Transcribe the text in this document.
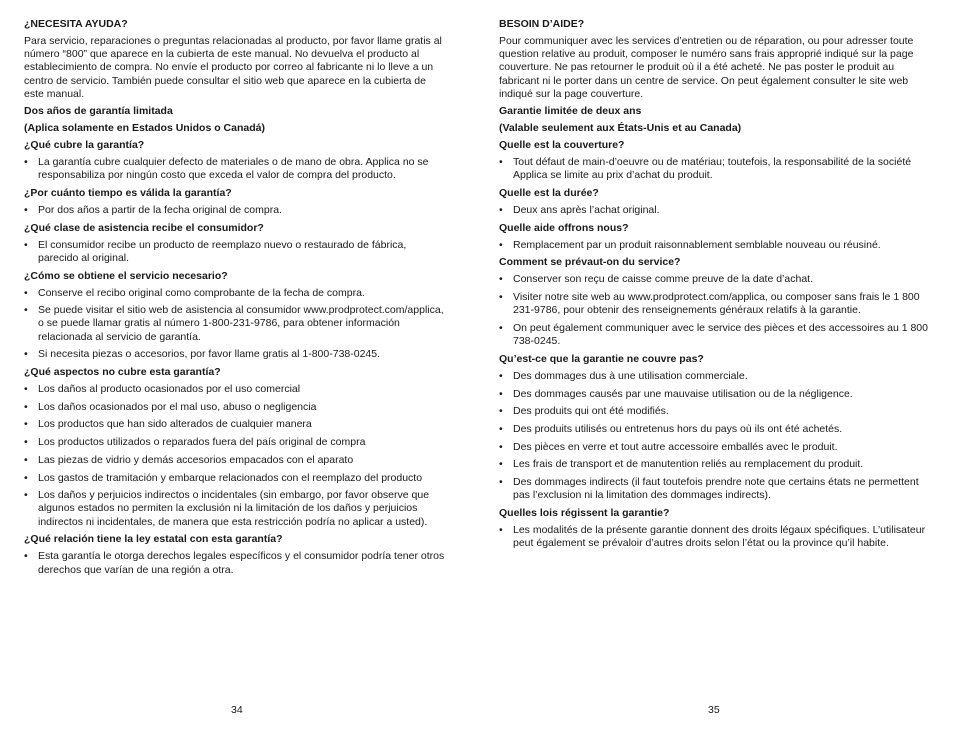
¿NECESITA AYUDA?
Para servicio, reparaciones o preguntas relacionadas al producto, por favor llame gratis al número “800” que aparece en la cubierta de este manual. No devuelva el producto al establecimiento de compra. No envíe el producto por correo al fabricante ni lo lleve a un centro de servicio. También puede consultar el sitio web que aparece en la cubierta de este manual.
Dos años de garantía limitada
(Aplica solamente en Estados Unidos o Canadá)
¿Qué cubre la garantía?
• La garantía cubre cualquier defecto de materiales o de mano de obra. Applica no se responsabiliza por ningún costo que exceda el valor de compra del producto.
¿Por cuánto tiempo es válida la garantía?
• Por dos años a partir de la fecha original de compra.
¿Qué clase de asistencia recibe el consumidor?
• El consumidor recibe un producto de reemplazo nuevo o restaurado de fábrica, parecido al original.
¿Cómo se obtiene el servicio necesario?
• Conserve el recibo original como comprobante de la fecha de compra.
• Se puede visitar el sitio web de asistencia al consumidor www.prodprotect.com/applica, o se puede llamar gratis al número 1-800-231-9786, para obtener información relacionada al servicio de garantía.
• Si necesita piezas o accesorios, por favor llame gratis al 1-800-738-0245.
¿Qué aspectos no cubre esta garantía?
• Los daños al producto ocasionados por el uso comercial
• Los daños ocasionados por el mal uso, abuso o negligencia
• Los productos que han sido alterados de cualquier manera
• Los productos utilizados o reparados fuera del país original de compra
• Las piezas de vidrio y demás accesorios empacados con el aparato
• Los gastos de tramitación y embarque relacionados con el reemplazo del producto
• Los daños y perjuicios indirectos o incidentales (sin embargo, por favor observe que algunos estados no permiten la exclusión ni la limitación de los daños y perjuicios indirectos ni incidentales, de manera que esta restricción podría no aplicar a usted).
¿Qué relación tiene la ley estatal con esta garantía?
• Esta garantía le otorga derechos legales específicos y el consumidor podría tener otros derechos que varían de una región a otra.
BESOIN D’AIDE?
Pour communiquer avec les services d’entretien ou de réparation, ou pour adresser toute question relative au produit, composer le numéro sans frais approprié indiqué sur la page couverture. Ne pas retourner le produit où il a été acheté. Ne pas poster le produit au fabricant ni le porter dans un centre de service. On peut également consulter le site web indiqué sur la page couverture.
Garantie limitée de deux ans
(Valable seulement aux États-Unis et au Canada)
Quelle est la couverture?
• Tout défaut de main-d’oeuvre ou de matériau; toutefois, la responsabilité de la société Applica se limite au prix d’achat du produit.
Quelle est la durée?
• Deux ans après l’achat original.
Quelle aide offrons nous?
• Remplacement par un produit raisonnablement semblable nouveau ou réusiné.
Comment se prévaut-on du service?
• Conserver son reçu de caisse comme preuve de la date d’achat.
• Visiter notre site web au www.prodprotect.com/applica, ou composer sans frais le 1 800 231-9786, pour obtenir des renseignements généraux relatifs à la garantie.
• On peut également communiquer avec le service des pièces et des accessoires au 1 800 738-0245.
Qu’est-ce que la garantie ne couvre pas?
• Des dommages dus à une utilisation commerciale.
• Des dommages causés par une mauvaise utilisation ou de la négligence.
• Des produits qui ont été modifiés.
• Des produits utilisés ou entretenus hors du pays où ils ont été achetés.
• Des pièces en verre et tout autre accessoire emballés avec le produit.
• Les frais de transport et de manutention reliés au remplacement du produit.
• Des dommages indirects (il faut toutefois prendre note que certains états ne permettent pas l’exclusion ni la limitation des dommages indirects).
Quelles lois régissent la garantie?
• Les modalités de la présente garantie donnent des droits légaux spécifiques. L’utilisateur peut également se prévaloir d’autres droits selon l’état ou la province qu’il habite.
34	35
